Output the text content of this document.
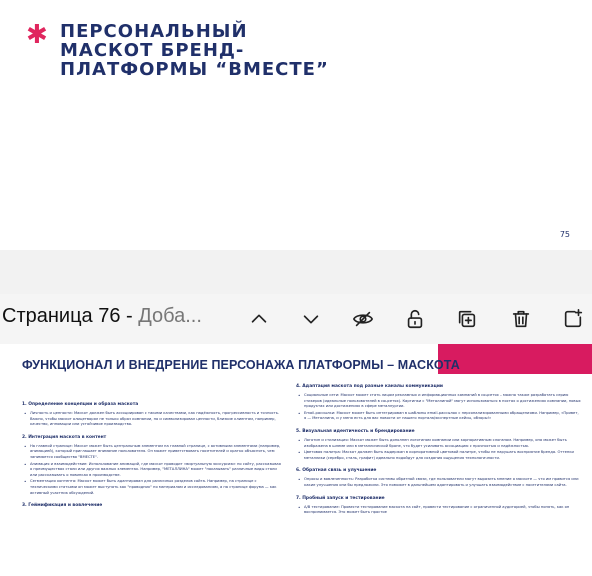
✱ ПЕРСОНАЛЬНЫЙ
МАСКОТ БРЕНД-
ПЛАТФОРМЫ “ВМЕСТЕ”
75
Страница 76 - Доба...
ФУНКЦИОНАЛ И ВНЕДРЕНИЕ ПЕРСОНАЖА ПЛАТФОРМЫ – МАСКОТА
1. Определение концепции и образа маскота
• Личность и ценности: Маскот должен быть ассоциирован с такими качествами, как надёжность, прогрессивность и точность. Важно, чтобы маскот олицетворял не только образ компании, но и символизировал ценности, близкие клиентам, например, качество, инновации или устойчивое производство.
2. Интеграция маскота в контент
• На главной странице: Маскот может быть центральным элементом на главной странице, с активными элементами (например, анимацией), который приглашает внимание пользователя. Он может приветствовать посетителей и кратко объяснять, чем занимается сообщество "ВМЕСТЕ".
• Анимация и взаимодействие: Использование анимаций, где маскот проводит «виртуальную экскурсию» по сайту, рассказывая о преимуществах стали или других важных элементах. Например, "МЕТАЛЛИНА" может "показывать" различные виды стали или рассказывать о новинках в производстве.
• Сегментация контента: Маскот может быть адаптирован для различных разделов сайта. Например, на странице с техническими статьями он может выступать как "проводник" по материалам и исследованиям, а на странице форума — как активный участник обсуждений.
3. Геймификация и вовлечение
4. Адаптация маскота под разные каналы коммуникации
• Социальные сети: Маскот может стать лицом рекламных и информационных кампаний в соцсетях – можно также разработать серию стикеров (идеальные пользователей в соцсетях). Картинки с "Металлиной" могут использоваться в постах о достижениях компании, новых продуктах или достижениях в сфере металлургии.
• Email-рассылки: Маскот может быть интегрирован в шаблоны email-рассылок с персонализированными обращениями. Например, «Привет, я — Металлина, и у меня есть для вас новости от нашего портала/экспертные кейсы, обзоры!»
5. Визуальная идентичность и брендирование
• Логотип и стилизация: Маскот может быть дополнен логотипом компании или корпоративным слоганом. Например, она может быть изображена в шлеме или в металлической броне, что будет усиливать ассоциацию с прочностью и надёжностью.
• Цветовая палитра: Маскот должен быть выдержан в корпоративной цветовой палитре, чтобы не нарушать восприятие бренда. Оттенки металлики (серебро, сталь, графит) идеально подойдут для создания ощущения технологичности.
6. Обратная связь и улучшение
• Опросы и вовлеченность: Разработка системы обратной связи, где пользователи могут выразить мнение о маскоте — что им нравится или какие улучшения они бы предложили. Это поможет в дальнейшем адаптировать и улучшать взаимодействие с посетителями сайта.
7. Пробный запуск и тестирование
• A/B тестирование: Провести тестирование маскота на сайт, провести тестирование с ограниченной аудиторией, чтобы понять, как он воспринимается. Это может быть простое
